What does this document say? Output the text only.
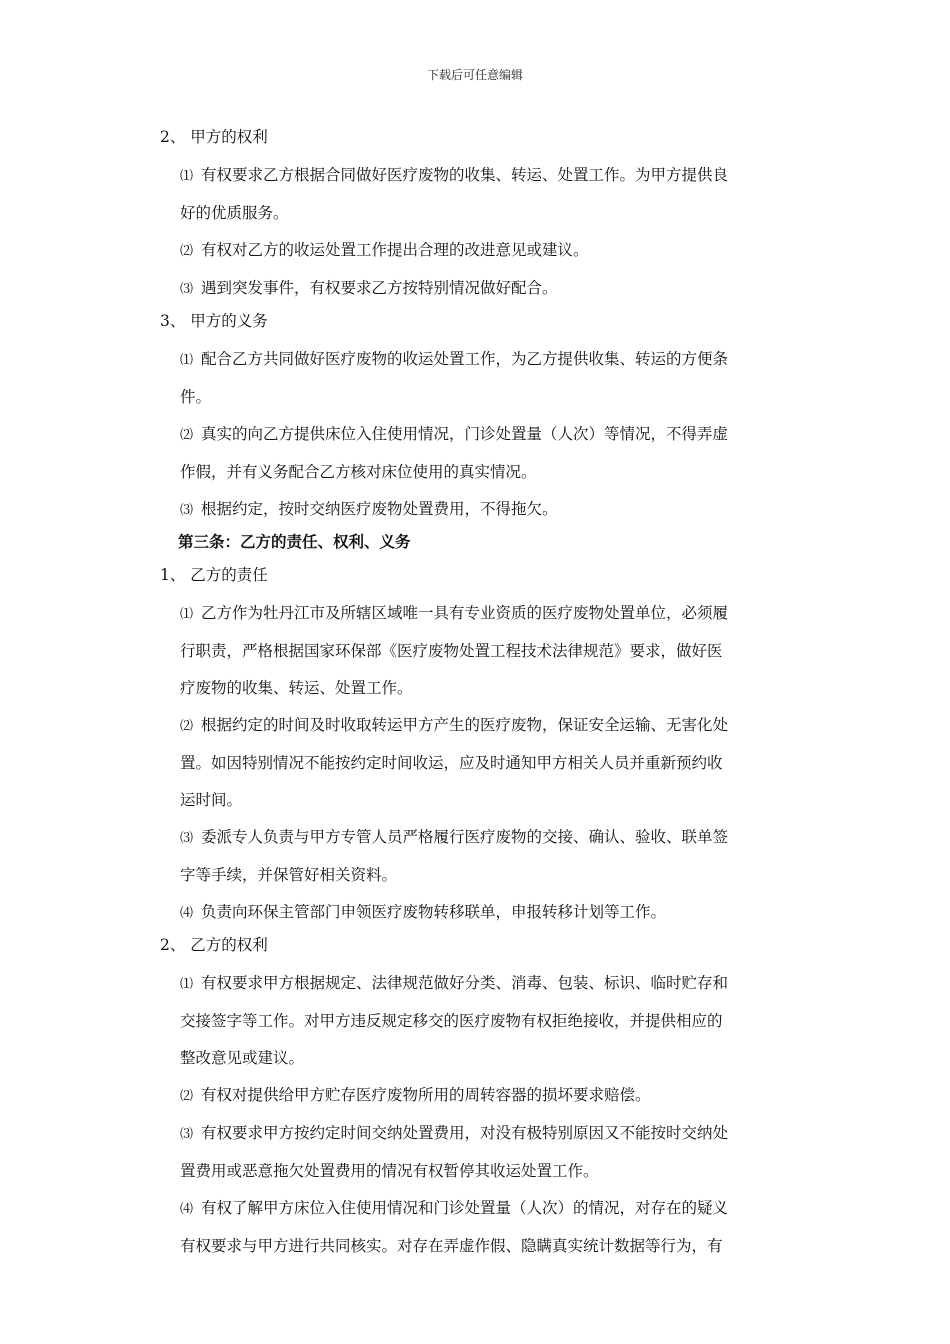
下载后可任意编辑
2、 甲方的权利
⑴ 有权要求乙方根据合同做好医疗废物的收集、转运、处置工作。为甲方提供良
好的优质服务。
⑵ 有权对乙方的收运处置工作提出合理的改进意见或建议。
⑶ 遇到突发事件，有权要求乙方按特别情况做好配合。
3、 甲方的义务
⑴ 配合乙方共同做好医疗废物的收运处置工作，为乙方提供收集、转运的方便条
件。
⑵ 真实的向乙方提供床位入住使用情况，门诊处置量（人次）等情况，不得弄虚
作假，并有义务配合乙方核对床位使用的真实情况。
⑶ 根据约定，按时交纳医疗废物处置费用，不得拖欠。
第三条：乙方的责任、权利、义务
1、 乙方的责任
⑴ 乙方作为牡丹江市及所辖区域唯一具有专业资质的医疗废物处置单位，必须履
行职责，严格根据国家环保部《医疗废物处置工程技术法律规范》要求，做好医
疗废物的收集、转运、处置工作。
⑵ 根据约定的时间及时收取转运甲方产生的医疗废物，保证安全运输、无害化处
置。如因特别情况不能按约定时间收运，应及时通知甲方相关人员并重新预约收
运时间。
⑶ 委派专人负责与甲方专管人员严格履行医疗废物的交接、确认、验收、联单签
字等手续，并保管好相关资料。
⑷ 负责向环保主管部门申领医疗废物转移联单，申报转移计划等工作。
2、 乙方的权利
⑴ 有权要求甲方根据规定、法律规范做好分类、消毒、包装、标识、临时贮存和
交接签字等工作。对甲方违反规定移交的医疗废物有权拒绝接收，并提供相应的
整改意见或建议。
⑵ 有权对提供给甲方贮存医疗废物所用的周转容器的损坏要求赔偿。
⑶ 有权要求甲方按约定时间交纳处置费用，对没有极特别原因又不能按时交纳处
置费用或恶意拖欠处置费用的情况有权暂停其收运处置工作。
⑷ 有权了解甲方床位入住使用情况和门诊处置量（人次）的情况，对存在的疑义
有权要求与甲方进行共同核实。对存在弄虚作假、隐瞒真实统计数据等行为，有
